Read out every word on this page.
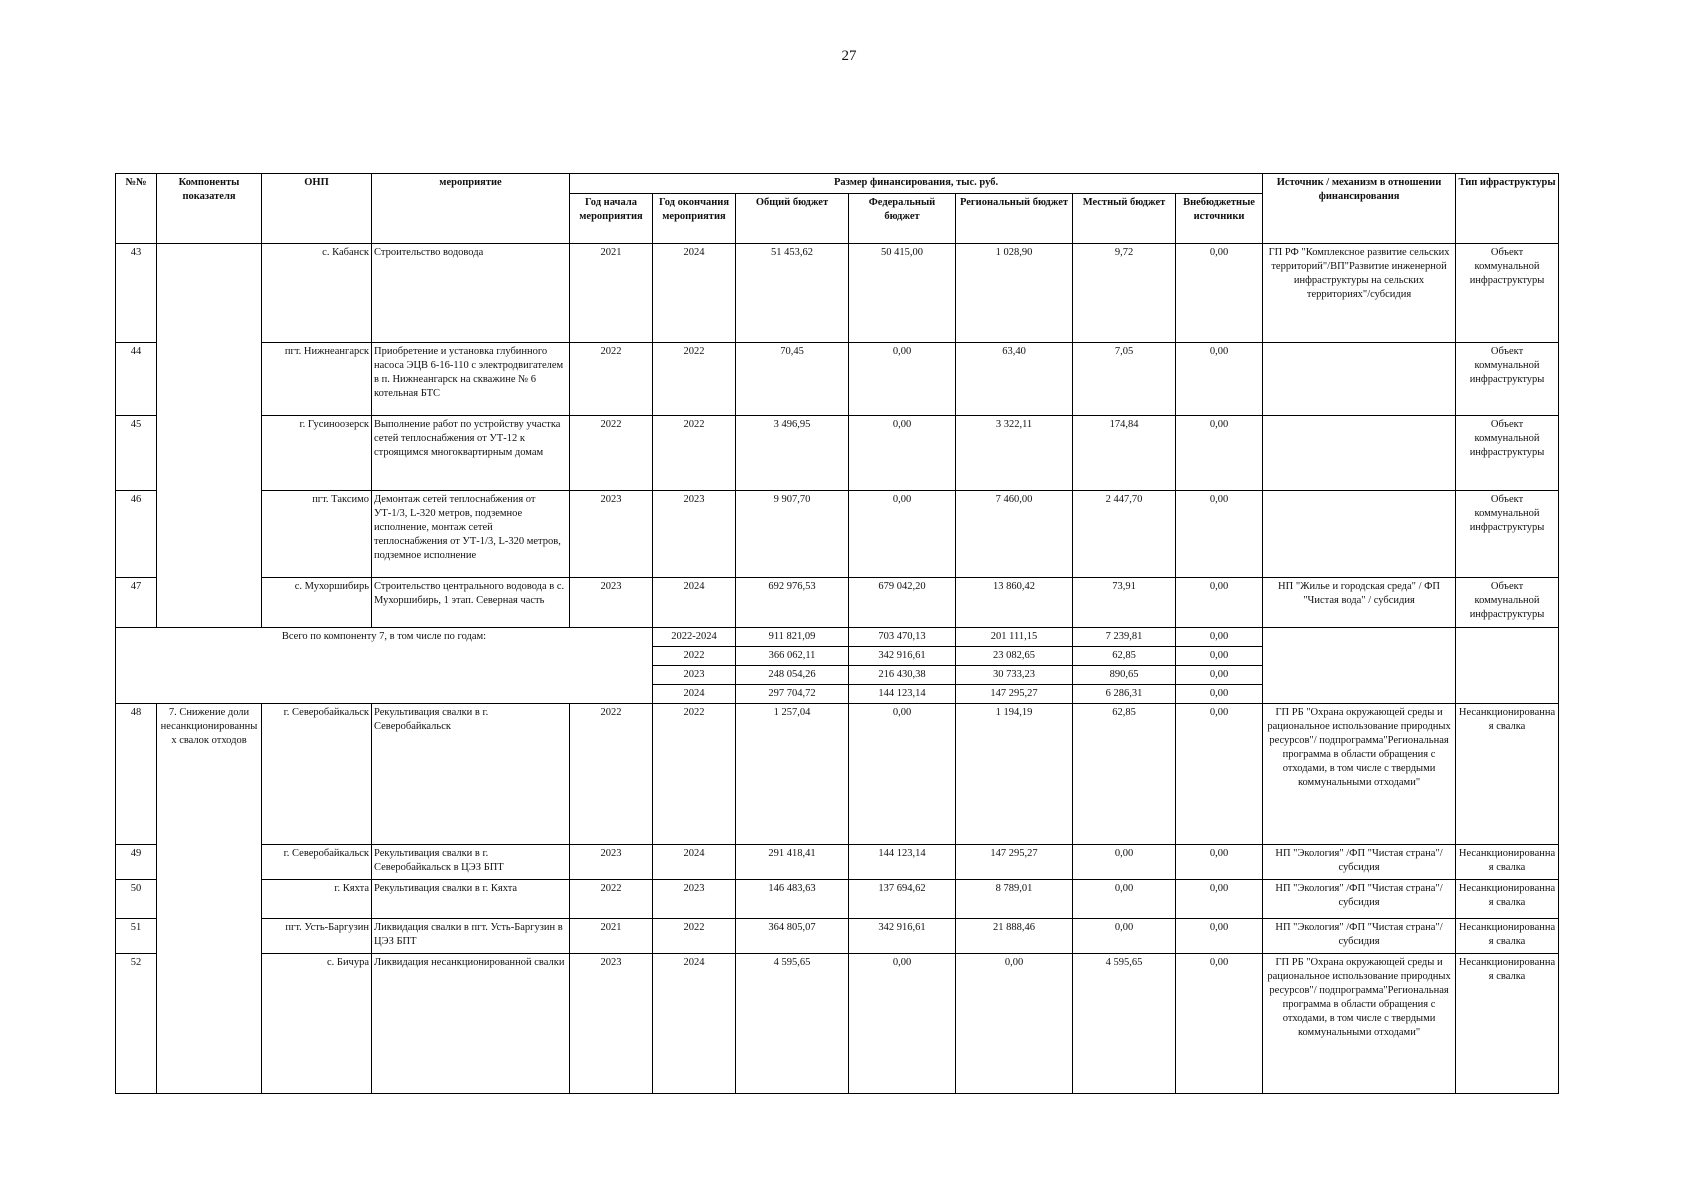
27
№№	Компоненты показателя	ОНП	мероприятие	Размер финансирования, тыс. руб.							Источник / механизм в отношении финансирования	Тип ифраструктуры
				Год начала мероприятия	Год окончания мероприятия	Общий бюджет	Федеральный бюджет	Региональный бюджет	Местный бюджет	Внебюджетные источники		
43		с. Кабанск	Строительство водовода	2021	2024	51 453,62	50 415,00	1 028,90	9,72	0,00	ГП РФ "Комплексное развитие сельских территорий"/ВП"Развитие инженерной инфраструктуры на сельских территориях"/субсидия	Объект коммунальной инфраструктуры
44		пгт. Нижнеангарск	Приобретение и установка глубинного насоса ЭЦВ 6-16-110 с электродвигателем в п. Нижнеангарск на скважине № 6 котельная БТС	2022	2022	70,45	0,00	63,40	7,05	0,00		Объект коммунальной инфраструктуры
45		г. Гусиноозерск	Выполнение работ по устройству участка сетей теплоснабжения от УТ-12 к строящимся многоквартирным домам	2022	2022	3 496,95	0,00	3 322,11	174,84	0,00		Объект коммунальной инфраструктуры
46		пгт. Таксимо	Демонтаж сетей теплоснабжения от УТ-1/3, L-320 метров, подземное исполнение, монтаж сетей теплоснабжения от УТ-1/3, L-320 метров, подземное исполнение	2023	2023	9 907,70	0,00	7 460,00	2 447,70	0,00		Объект коммунальной инфраструктуры
47		с. Мухоршибирь	Строительство центрального водовода в с. Мухоршибирь, 1 этап. Северная часть	2023	2024	692 976,53	679 042,20	13 860,42	73,91	0,00	НП "Жилье и городская среда" / ФП "Чистая вода" / субсидия	Объект коммунальной инфраструктуры
Всего по компоненту 7, в том числе по годам:					2022-2024	911 821,09	703 470,13	201 111,15	7 239,81	0,00		
					2022	366 062,11	342 916,61	23 082,65	62,85	0,00		
					2023	248 054,26	216 430,38	30 733,23	890,65	0,00		
					2024	297 704,72	144 123,14	147 295,27	6 286,31	0,00		
48	7. Снижение доли несанкционированных свалок отходов	г. Северобайкальск	Рекультивация свалки в г. Северобайкальск	2022	2022	1 257,04	0,00	1 194,19	62,85	0,00	ГП РБ "Охрана окружающей среды и рациональное использование природных ресурсов"/ подпрограмма"Региональная программа в области обращения с отходами, в том числе с твердыми коммунальными отходами"	Несанкционированная свалка
49		г. Северобайкальск	Рекультивация свалки в г. Северобайкальск в ЦЭЗ БПТ	2023	2024	291 418,41	144 123,14	147 295,27	0,00	0,00	НП "Экология" /ФП "Чистая страна"/субсидия	Несанкционированная свалка
50		г. Кяхта	Рекультивация свалки в г. Кяхта	2022	2023	146 483,63	137 694,62	8 789,01	0,00	0,00	НП "Экология" /ФП "Чистая страна"/субсидия	Несанкционированная свалка
51		пгт. Усть-Баргузин	Ликвидация свалки в пгт. Усть-Баргузин в ЦЭЗ БПТ	2021	2022	364 805,07	342 916,61	21 888,46	0,00	0,00	НП "Экология" /ФП "Чистая страна"/субсидия	Несанкционированная свалка
52		с. Бичура	Ликвидация несанкционированной свалки	2023	2024	4 595,65	0,00	0,00	4 595,65	0,00	ГП РБ "Охрана окружающей среды и рациональное использование природных ресурсов"/ подпрограмма"Региональная программа в области обращения с отходами, в том числе с твердыми коммунальными отходами"	Несанкционированная свалка
